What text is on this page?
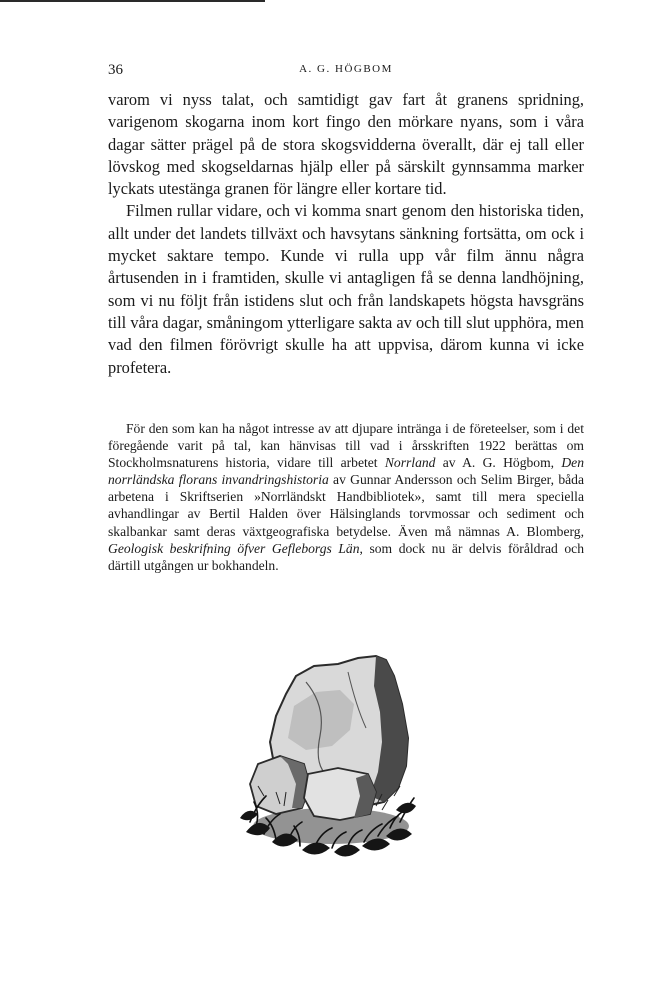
36	A. G. HÖGBOM

varom vi nyss talat, och samtidigt gav fart åt granens spridning, varigenom skogarna inom kort fingo den mörkare nyans, som i våra dagar sätter prägel på de stora skogsvidderna överallt, där ej tall eller lövskog med skogseldarnas hjälp eller på särskilt gynnsamma marker lyckats utestänga granen för längre eller kortare tid.

Filmen rullar vidare, och vi komma snart genom den historiska tiden, allt under det landets tillväxt och havsytans sänkning fortsätta, om ock i mycket saktare tempo. Kunde vi rulla upp vår film ännu några årtusenden in i framtiden, skulle vi antagligen få se denna landhöjning, som vi nu följt från istidens slut och från landskapets högsta havsgräns till våra dagar, småningom ytterligare sakta av och till slut upphöra, men vad den filmen förövrigt skulle ha att uppvisa, därom kunna vi icke profetera.

För den som kan ha något intresse av att djupare intränga i de företeelser, som i det föregående varit på tal, kan hänvisas till vad i årsskriften 1922 berättas om Stockholmsnaturens historia, vidare till arbetet Norrland av A. G. Högbom, Den norrländska florans invandringshistoria av Gunnar Andersson och Selim Birger, båda arbetena i Skriftserien »Norrländskt Handbibliotek», samt till mera speciella avhandlingar av Bertil Halden över Hälsinglands torvmossar och sediment och skalbankar samt deras växtgeografiska betydelse. Även må nämnas A. Blomberg, Geologisk beskrifning öfver Gefleborgs Län, som dock nu är delvis föråldrad och därtill utgången ur bokhandeln.
